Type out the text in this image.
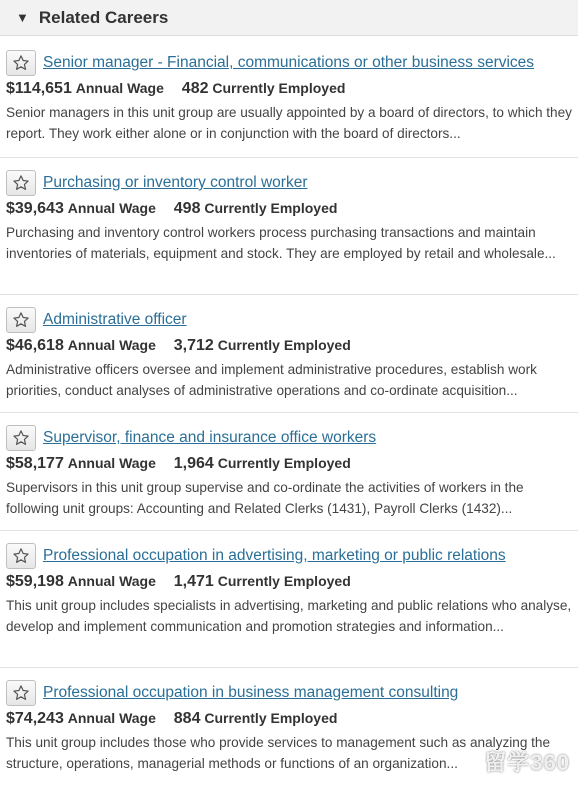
▼ Related Careers
Senior manager - Financial, communications or other business services
$114,651 Annual Wage 482 Currently Employed
Senior managers in this unit group are usually appointed by a board of directors, to which they report. They work either alone or in conjunction with the board of directors...
Purchasing or inventory control worker
$39,643 Annual Wage 498 Currently Employed
Purchasing and inventory control workers process purchasing transactions and maintain inventories of materials, equipment and stock. They are employed by retail and wholesale...
Administrative officer
$46,618 Annual Wage 3,712 Currently Employed
Administrative officers oversee and implement administrative procedures, establish work priorities, conduct analyses of administrative operations and co-ordinate acquisition...
Supervisor, finance and insurance office workers
$58,177 Annual Wage 1,964 Currently Employed
Supervisors in this unit group supervise and co-ordinate the activities of workers in the following unit groups: Accounting and Related Clerks (1431), Payroll Clerks (1432)...
Professional occupation in advertising, marketing or public relations
$59,198 Annual Wage 1,471 Currently Employed
This unit group includes specialists in advertising, marketing and public relations who analyse, develop and implement communication and promotion strategies and information...
Professional occupation in business management consulting
$74,243 Annual Wage 884 Currently Employed
This unit group includes those who provide services to management such as analyzing the structure, operations, managerial methods or functions of an organization...	留学360
